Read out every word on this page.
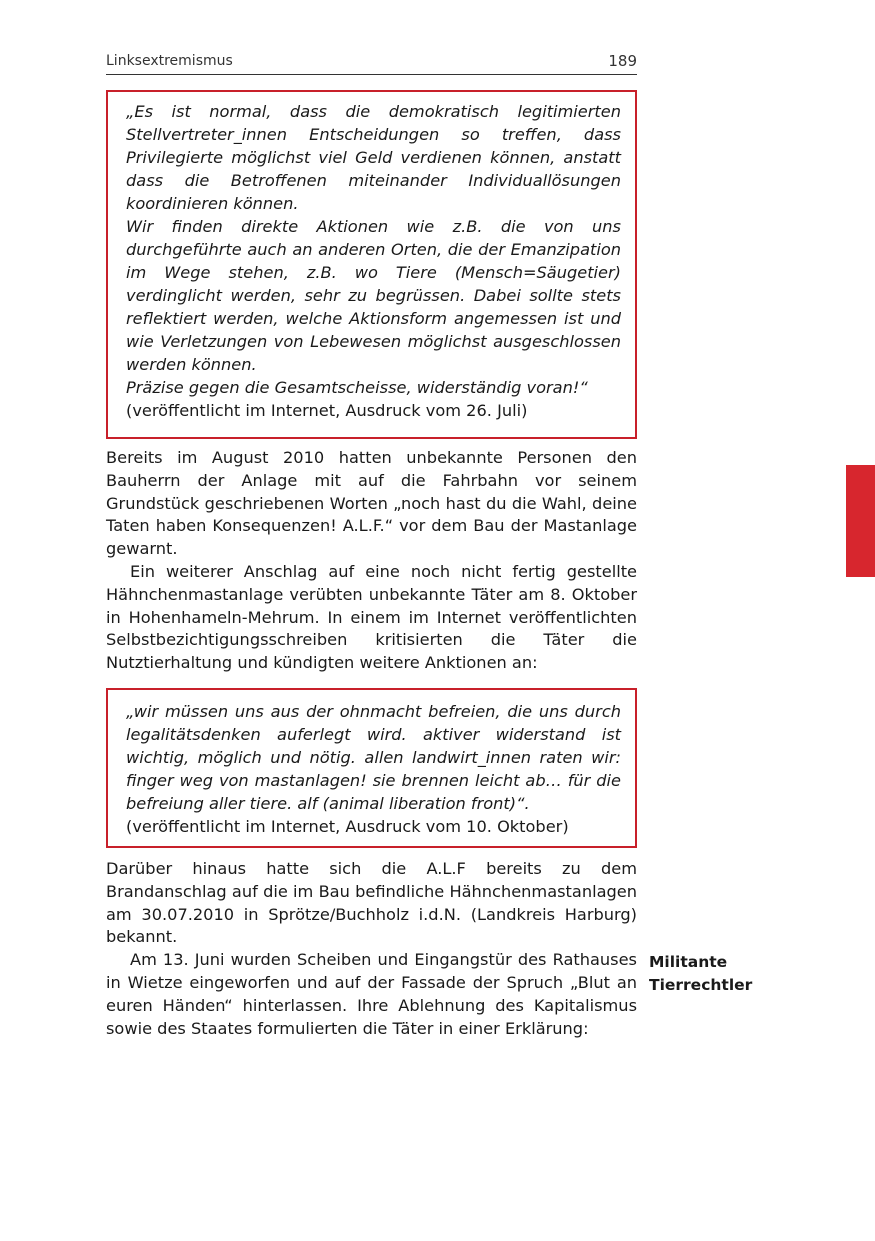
Linksextremismus	189

„Es ist normal, dass die demokratisch legitimierten Stellvertreter_innen Entscheidungen so treffen, dass Privilegierte möglichst viel Geld verdienen können, anstatt dass die Betroffenen miteinander Individuallösungen koordinieren können.

Wir finden direkte Aktionen wie z.B. die von uns durchgeführte auch an anderen Orten, die der Emanzipation im Wege stehen, z.B. wo Tiere (Mensch=Säugetier) verdinglicht werden, sehr zu begrüssen. Dabei sollte stets reflektiert werden, welche Aktionsform angemessen ist und wie Verletzungen von Lebewesen möglichst ausgeschlossen werden können.

Präzise gegen die Gesamtscheisse, widerständig voran!“

(veröffentlicht im Internet, Ausdruck vom 26. Juli)

Bereits im August 2010 hatten unbekannte Personen den Bauherrn der Anlage mit auf die Fahrbahn vor seinem Grundstück geschriebenen Worten „noch hast du die Wahl, deine Taten haben Konsequenzen! A.L.F.“ vor dem Bau der Mastanlage gewarnt.

Ein weiterer Anschlag auf eine noch nicht fertig gestellte Hähnchenmastanlage verübten unbekannte Täter am 8. Oktober in Hohenhameln-Mehrum. In einem im Internet veröffentlichten Selbstbezichtigungsschreiben kritisierten die Täter die Nutztierhaltung und kündigten weitere Anktionen an:

„wir müssen uns aus der ohnmacht befreien, die uns durch legalitätsdenken auferlegt wird. aktiver widerstand ist wichtig, möglich und nötig. allen landwirt_innen raten wir: finger weg von mastanlagen! sie brennen leicht ab… für die befreiung aller tiere. alf (animal liberation front)“.

(veröffentlicht im Internet, Ausdruck vom 10. Oktober)

Darüber hinaus hatte sich die A.L.F bereits zu dem Brandanschlag auf die im Bau befindliche Hähnchenmastanlagen am 30.07.2010 in Sprötze/Buchholz i.d.N. (Landkreis Harburg) bekannt.

Am 13. Juni wurden Scheiben und Eingangstür des Rathauses in Wietze eingeworfen und auf der Fassade der Spruch „Blut an euren Händen“ hinterlassen. Ihre Ablehnung des Kapitalismus sowie des Staates formulierten die Täter in einer Erklärung:

Militante
Tierrechtler
